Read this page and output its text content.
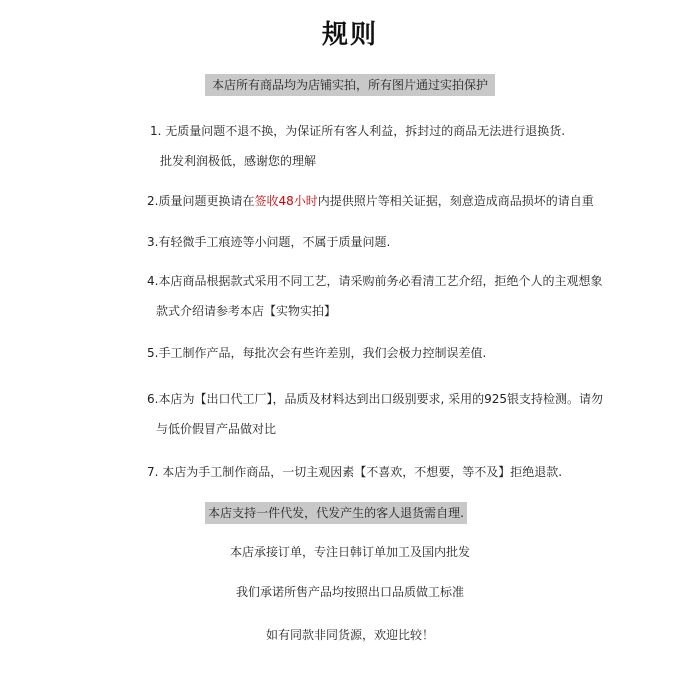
规则
本店所有商品均为店铺实拍，所有图片通过实拍保护
1. 无质量问题不退不换，为保证所有客人利益，拆封过的商品无法进行退换货.
批发利润极低，感谢您的理解
2.质量问题更换请在签收48小时内提供照片等相关证据，刻意造成商品损坏的请自重
3.有轻微手工痕迹等小问题，不属于质量问题.
4.本店商品根据款式采用不同工艺，请采购前务必看清工艺介绍，拒绝个人的主观想象
款式介绍请参考本店【实物实拍】
5.手工制作产品，每批次会有些许差别，我们会极力控制误差值.
6.本店为【出口代工厂】，品质及材料达到出口级别要求, 采用的925银支持检测。请勿
与低价假冒产品做对比
7. 本店为手工制作商品，一切主观因素【不喜欢，不想要，等不及】拒绝退款.
本店支持一件代发，代发产生的客人退货需自理.
本店承接订单，专注日韩订单加工及国内批发
我们承诺所售产品均按照出口品质做工标准
如有同款非同货源，欢迎比较！
